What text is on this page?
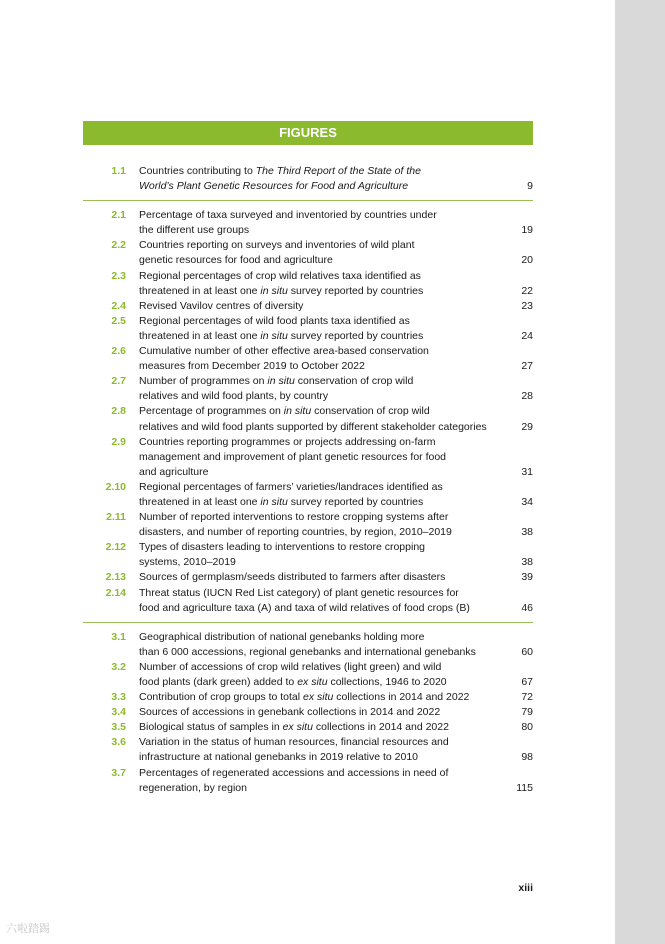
FIGURES
1.1 Countries contributing to The Third Report of the State of the
World’s Plant Genetic Resources for Food and Agriculture	9
2.1 Percentage of taxa surveyed and inventoried by countries under
the different use groups	19
2.2 Countries reporting on surveys and inventories of wild plant
genetic resources for food and agriculture	20
2.3 Regional percentages of crop wild relatives taxa identified as
threatened in at least one in situ survey reported by countries	22
2.4 Revised Vavilov centres of diversity	23
2.5 Regional percentages of wild food plants taxa identified as
threatened in at least one in situ survey reported by countries	24
2.6 Cumulative number of other effective area-based conservation
measures from December 2019 to October 2022	27
2.7 Number of programmes on in situ conservation of crop wild
relatives and wild food plants, by country	28
2.8 Percentage of programmes on in situ conservation of crop wild
relatives and wild food plants supported by different stakeholder categories	29
2.9 Countries reporting programmes or projects addressing on-farm
management and improvement of plant genetic resources for food
and agriculture	31
2.10 Regional percentages of farmers’ varieties/landraces identified as
threatened in at least one in situ survey reported by countries	34
2.11 Number of reported interventions to restore cropping systems after
disasters, and number of reporting countries, by region, 2010–2019	38
2.12 Types of disasters leading to interventions to restore cropping
systems, 2010–2019	38
2.13 Sources of germplasm/seeds distributed to farmers after disasters	39
2.14 Threat status (IUCN Red List category) of plant genetic resources for
food and agriculture taxa (A) and taxa of wild relatives of food crops (B)	46
3.1 Geographical distribution of national genebanks holding more
than 6 000 accessions, regional genebanks and international genebanks	60
3.2 Number of accessions of crop wild relatives (light green) and wild
food plants (dark green) added to ex situ collections, 1946 to 2020	67
3.3 Contribution of crop groups to total ex situ collections in 2014 and 2022	72
3.4 Sources of accessions in genebank collections in 2014 and 2022	79
3.5 Biological status of samples in ex situ collections in 2014 and 2022	80
3.6 Variation in the status of human resources, financial resources and
infrastructure at national genebanks in 2019 relative to 2010	98
3.7 Percentages of regenerated accessions and accessions in need of
regeneration, by region	115
xiii
六啦踏踢
